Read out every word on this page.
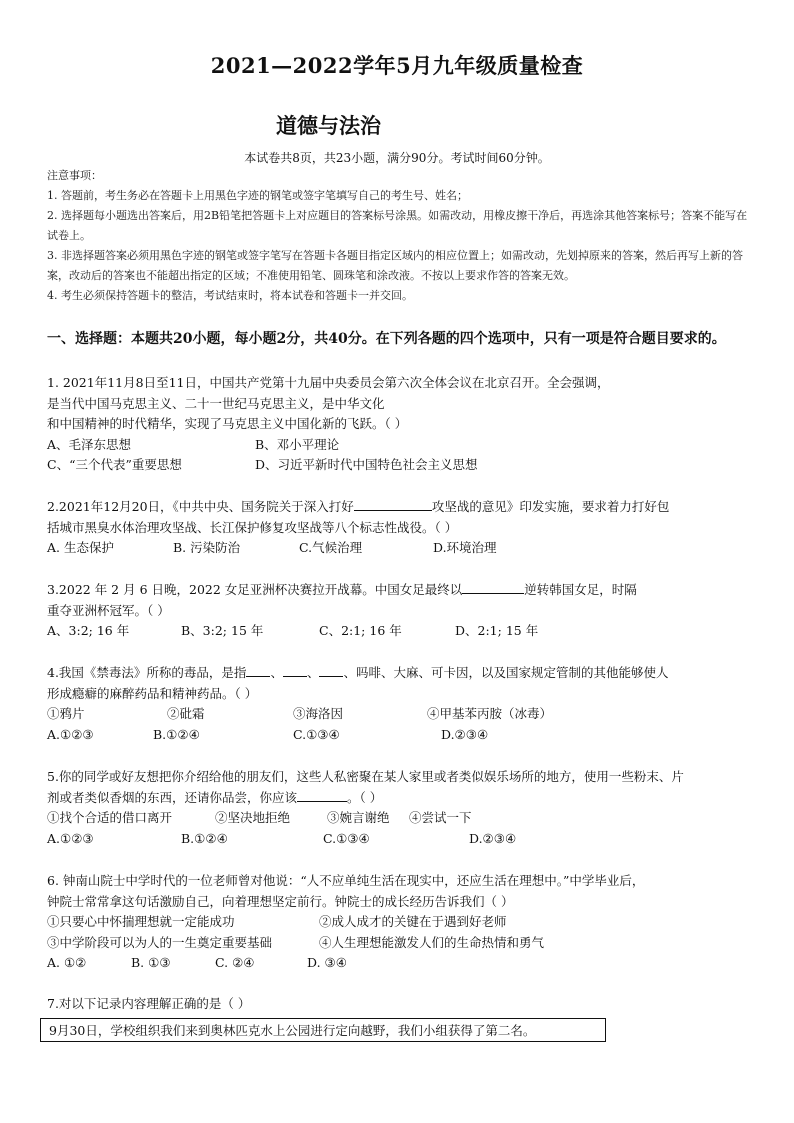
2021—2022学年5月九年级质量检查
道德与法治
本试卷共8页，共23小题，满分90分。考试时间60分钟。

注意事项：

1. 答题前，考生务必在答题卡上用黑色字迹的钢笔或签字笔填写自己的考生号、姓名；

2. 选择题每小题选出答案后，用2B铅笔把答题卡上对应题目的答案标号涂黑。如需改动，用橡皮擦干净后，再选涂其他答案标号；答案不能写在试卷上。

3. 非选择题答案必须用黑色字迹的钢笔或签字笔写在答题卡各题目指定区域内的相应位置上；如需改动，先划掉原来的答案，然后再写上新的答案，改动后的答案也不能超出指定的区域；不准使用铅笔、圆珠笔和涂改液。不按以上要求作答的答案无效。

4. 考生必须保持答题卡的整洁，考试结束时，将本试卷和答题卡一并交回。

一、选择题：本题共20小题，每小题2分，共40分。在下列各题的四个选项中，只有一项是符合题目要求的。

1. 2021年11月8日至11日，中国共产党第十九届中央委员会第六次全体会议在北京召开。全会强调，

是当代中国马克思主义、二十一世纪马克思主义，是中华文化

和中国精神的时代精华，实现了马克思主义中国化新的飞跃。（ ）

A、毛泽东思想	B、邓小平理论
C、“三个代表”重要思想	D、习近平新时代中国特色社会主义思想

2.2021年12月20日，《中共中央、国务院关于深入打好	攻坚战的意见》印发实施，要求着力打好包

括城市黑臭水体治理攻坚战、长江保护修复攻坚战等八个标志性战役。（ ）

A. 生态保护	B. 污染防治	C.气候治理	D.环境治理

3.2022 年 2 月 6 日晚，2022 女足亚洲杯决赛拉开战幕。中国女足最终以	逆转韩国女足，时隔

重夺亚洲杯冠军。（ ）

A、3:2; 16 年	B、3:2; 15 年	C、2:1; 16 年	D、2:1; 15 年

4.我国《禁毒法》所称的毒品，是指 、 、 、吗啡、大麻、可卡因，以及国家规定管制的其他能够使人

形成瘾癖的麻醉药品和精神药品。（ ）

①鸦片	②砒霜	③海洛因	④甲基苯丙胺（冰毒）
A.①②③	B.①②④	C.①③④	D.②③④

5.你的同学或好友想把你介绍给他的朋友们，这些人私密聚在某人家里或者类似娱乐场所的地方，使用一些粉末、片

剂或者类似香烟的东西，还请你品尝，你应该	。（ ）

①找个合适的借口离开	②坚决地拒绝	③婉言谢绝	④尝试一下
A.①②③	B.①②④	C.①③④	D.②③④

6. 钟南山院士中学时代的一位老师曾对他说：“人不应单纯生活在现实中，还应生活在理想中。”中学毕业后，

钟院士常常拿这句话激励自己，向着理想坚定前行。钟院士的成长经历告诉我们（ ）

①只要心中怀揣理想就一定能成功	②成人成才的关键在于遇到好老师
③中学阶段可以为人的一生奠定重要基础	④人生理想能激发人们的生命热情和勇气
A. ①②	B. ①③	C. ②④	D. ③④

7.对以下记录内容理解正确的是（ ）

9月30日，学校组织我们来到奥林匹克水上公园进行定向越野，我们小组获得了第二名。
